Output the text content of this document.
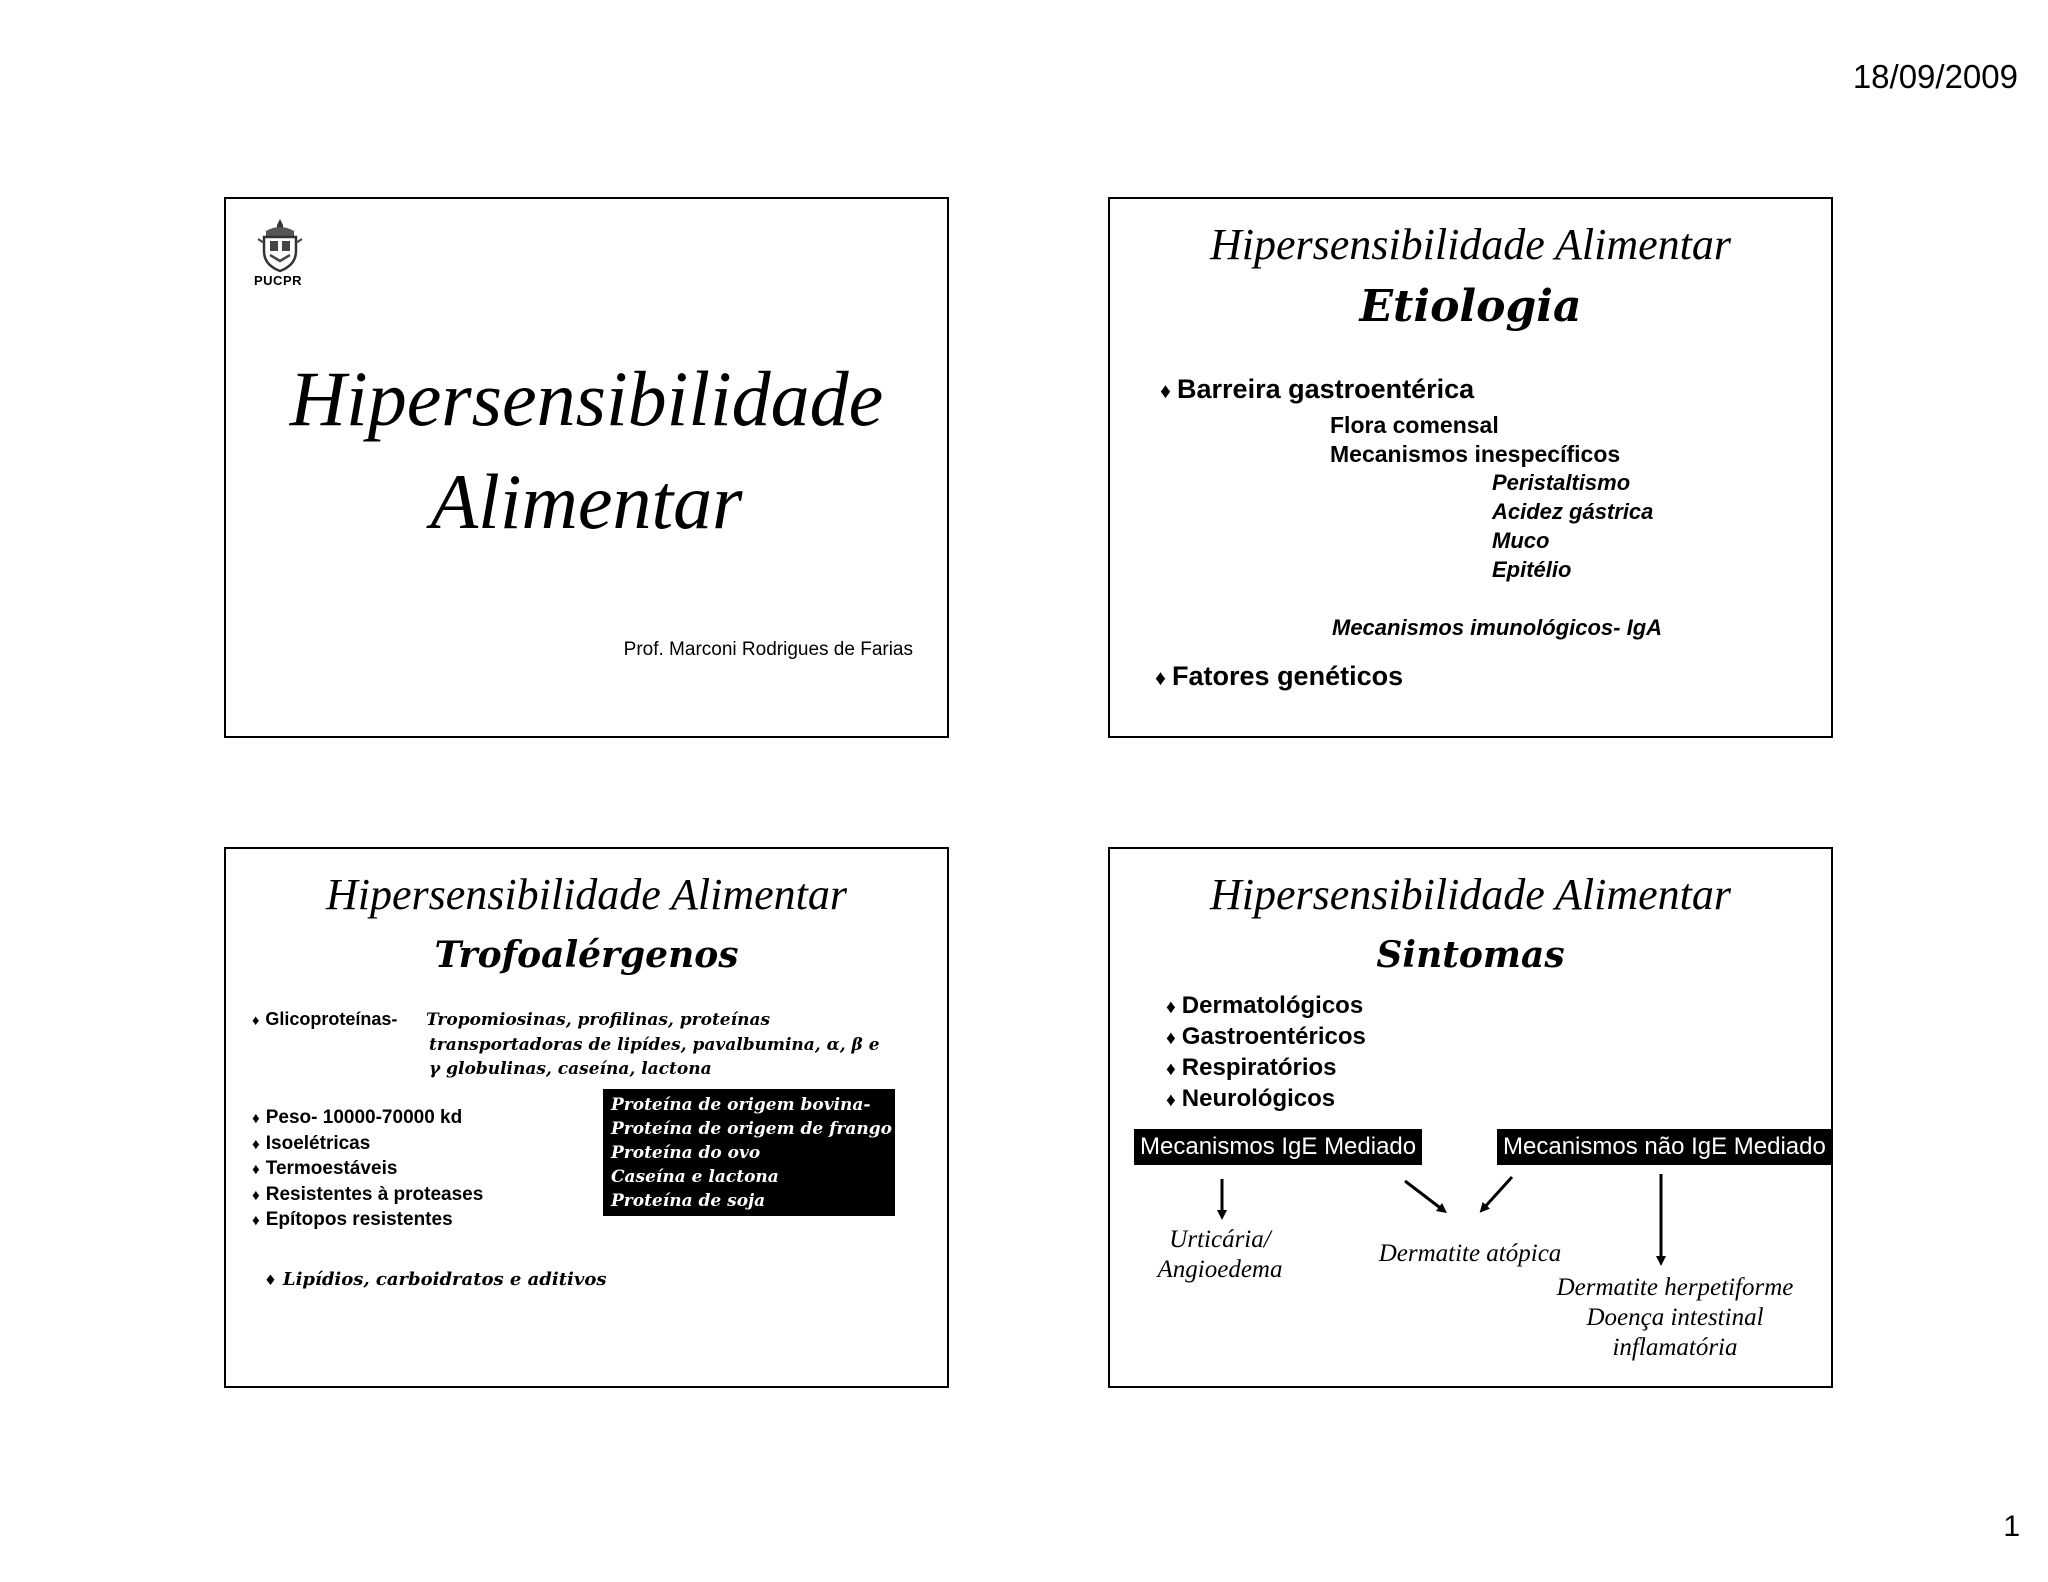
18/09/2009
PUCPR
Hipersensibilidade
Alimentar
Prof. Marconi Rodrigues de Farias
Hipersensibilidade Alimentar
Etiologia
♦ Barreira gastroentérica
Flora comensal
Mecanismos inespecíficos
Peristaltismo
Acidez gástrica
Muco
Epitélio
Mecanismos imunológicos- IgA
♦ Fatores genéticos
Hipersensibilidade Alimentar
Trofoalérgenos
♦ Glicoproteínas- Tropomiosinas, profilinas, proteínas
transportadoras de lipídes, pavalbumina, α, β e
γ globulinas, caseína, lactona
♦ Peso- 10000-70000 kd
♦ Isoelétricas
♦ Termoestáveis
♦ Resistentes à proteases
♦ Epítopos resistentes
Proteína de origem bovina-
Proteína de origem de frango
Proteína do ovo
Caseína e lactona
Proteína de soja
♦ Lipídios, carboidratos e aditivos
Hipersensibilidade Alimentar
Sintomas
♦ Dermatológicos
♦ Gastroentéricos
♦ Respiratórios
♦ Neurológicos
Mecanismos IgE Mediado	Mecanismos não IgE Mediado
Urticária/
Angioedema
Dermatite atópica
Dermatite herpetiforme
Doença intestinal
inflamatória
1
